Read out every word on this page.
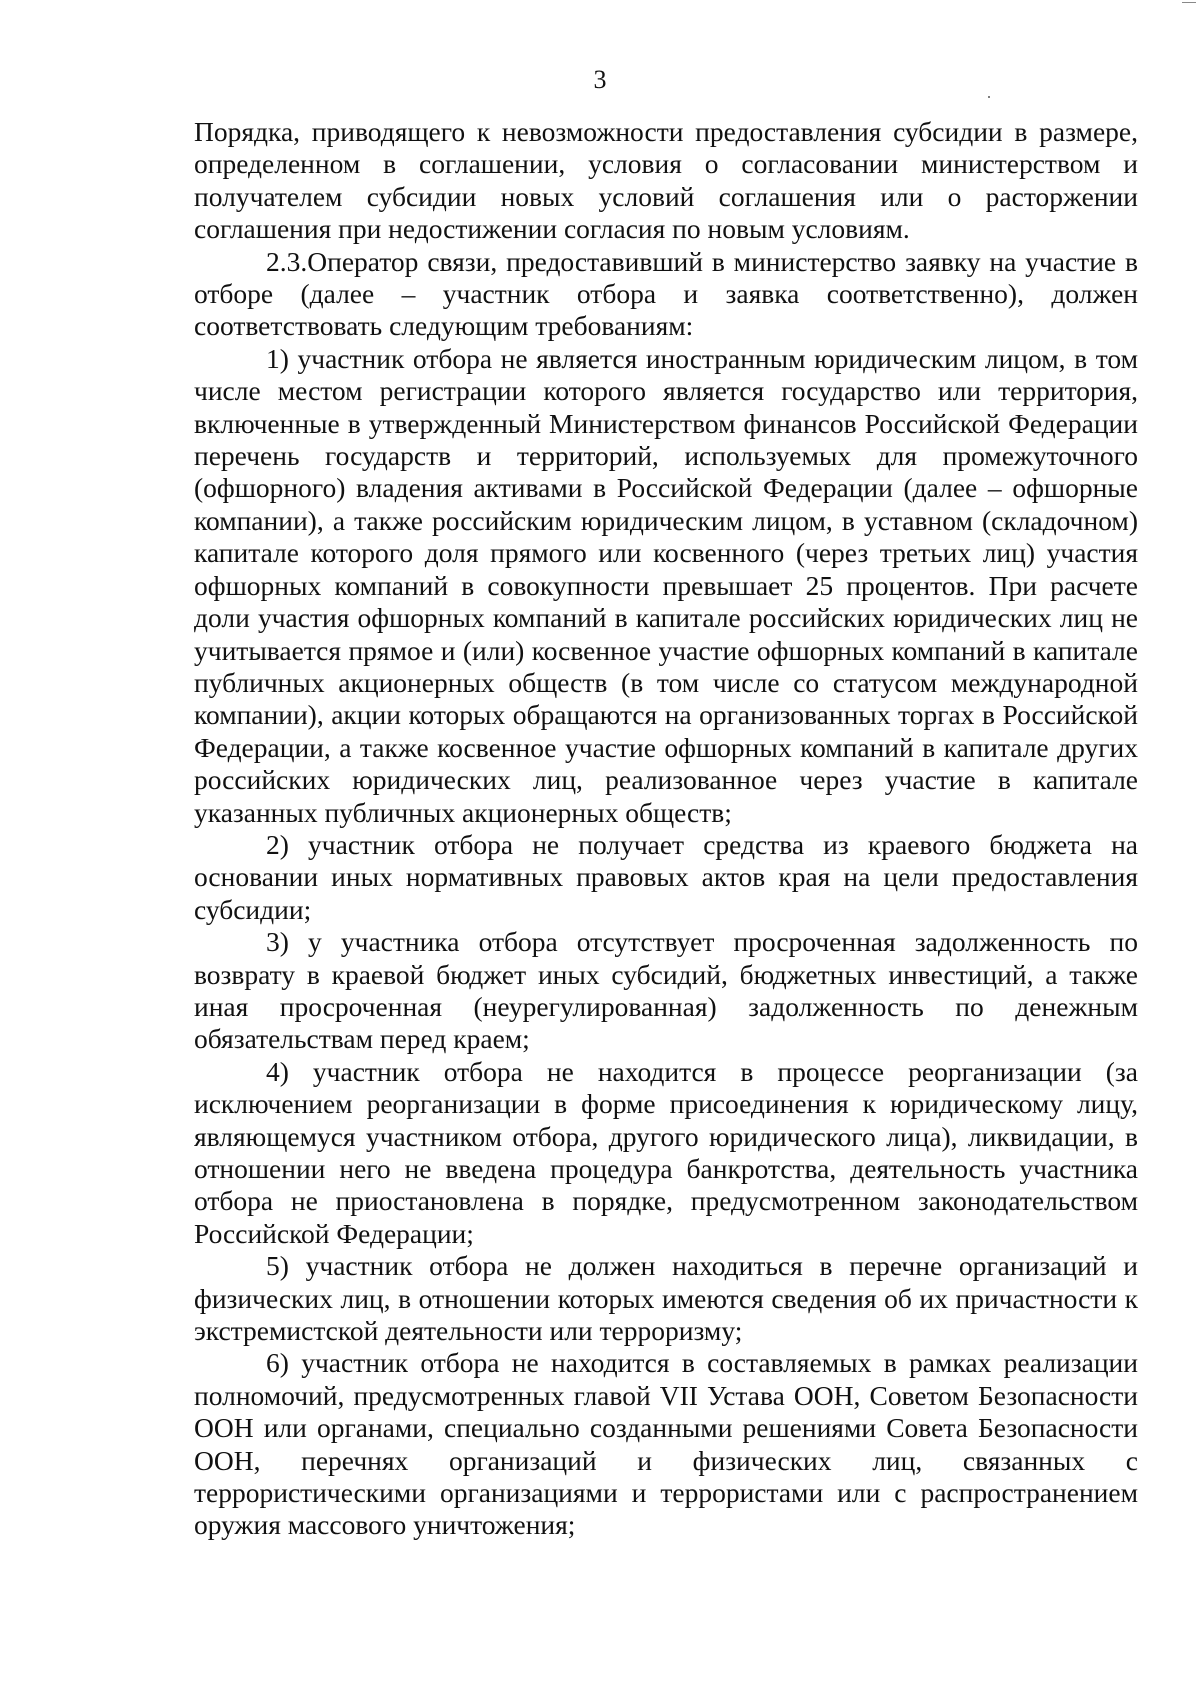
3

Порядка, приводящего к невозможности предоставления субсидии в размере, определенном в соглашении, условия о согласовании министерством и получателем субсидии новых условий соглашения или о расторжении соглашения при недостижении согласия по новым условиям.

2.3.Оператор связи, предоставивший в министерство заявку на участие в отборе (далее – участник отбора и заявка соответственно), должен соответствовать следующим требованиям:

1) участник отбора не является иностранным юридическим лицом, в том числе местом регистрации которого является государство или территория, включенные в утвержденный Министерством финансов Российской Федерации перечень государств и территорий, используемых для промежуточного (офшорного) владения активами в Российской Федерации (далее – офшорные компании), а также российским юридическим лицом, в уставном (складочном) капитале которого доля прямого или косвенного (через третьих лиц) участия офшорных компаний в совокупности превышает 25 процентов. При расчете доли участия офшорных компаний в капитале российских юридических лиц не учитывается прямое и (или) косвенное участие офшорных компаний в капитале публичных акционерных обществ (в том числе со статусом международной компании), акции которых обращаются на организованных торгах в Российской Федерации, а также косвенное участие офшорных компаний в капитале других российских юридических лиц, реализованное через участие в капитале указанных публичных акционерных обществ;

2) участник отбора не получает средства из краевого бюджета на основании иных нормативных правовых актов края на цели предоставления субсидии;

3) у участника отбора отсутствует просроченная задолженность по возврату в краевой бюджет иных субсидий, бюджетных инвестиций, а также иная просроченная (неурегулированная) задолженность по денежным обязательствам перед краем;

4) участник отбора не находится в процессе реорганизации (за исключением реорганизации в форме присоединения к юридическому лицу, являющемуся участником отбора, другого юридического лица), ликвидации, в отношении него не введена процедура банкротства, деятельность участника отбора не приостановлена в порядке, предусмотренном законодательством Российской Федерации;

5) участник отбора не должен находиться в перечне организаций и физических лиц, в отношении которых имеются сведения об их причастности к экстремистской деятельности или терроризму;

6) участник отбора не находится в составляемых в рамках реализации полномочий, предусмотренных главой VII Устава ООН, Советом Безопасности ООН или органами, специально созданными решениями Совета Безопасности ООН, перечнях организаций и физических лиц, связанных с террористическими организациями и террористами или с распространением оружия массового уничтожения;
